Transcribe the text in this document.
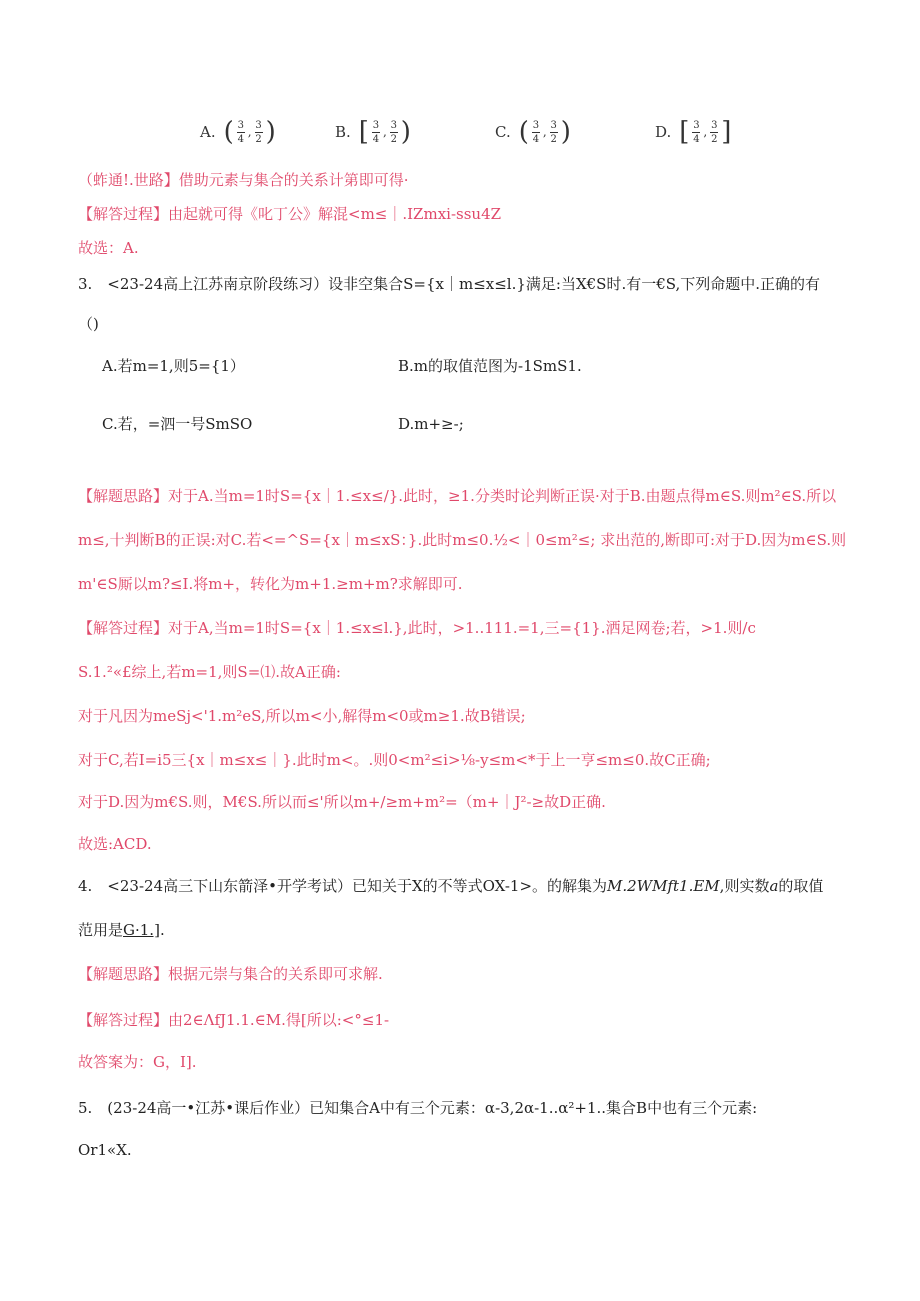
A. ( $\frac{3}{4}$ , $\frac{3}{2}$ )	B. [ $\frac{3}{4}$ , $\frac{3}{2}$ )	C. ( $\frac{3}{4}$ , $\frac{3}{2}$ )	D. [ $\frac{3}{4}$ , $\frac{3}{2}$ ]
（蚱通!.世路】借助元素与集合的关系计第即可得·
【解答过程】由起就可得《叱丁公》解混<m≤｜.IZmxi-ssu4Z
故选：A.
3.　<23-24高上江苏南京阶段练习）设非空集合S={x｜m≤x≤l.}满足:当X€S时.有一€S,下列命题中.正确的有
（)
A.若m=1,则5={1）	B.m的取值范图为-1SmS1.
C.若，=泗一号SmSO	D.m+≥-;
【解题思路】对于A.当m=1时S={x｜1.≤x≤/}.此时，≥1.分类时论判断正误·对于B.由题点得m∈S.则m²∈S.所以
m≤,十判断B的正误:对C.若<=^S={x｜m≤xS：}.此时m≤0.½<｜0≤m²≤; 求出范的,断即可:对于D.因为m∈S.则
m'∈S厮以m?≤I.将m+，转化为m+1.≥m+m?求解即可.
【解答过程】对于A,当m=1时S={x｜1.≤x≤l.},此时，>1..111.=1,三={1}.洒足网卷;若，>1.则/c
S.1.²«£综上,若m=1,则S=⑴.故A正确:
对于凡因为meSj<'1.m²eS,所以m<小,解得m<0或m≥1.故B错误;
对于C,若I=i5三{x｜m≤x≤｜}.此时m<。.则0<m²≤i>⅛-y≤m<*于上一亨≤m≤0.故C正确;
对于D.因为m€S.则，M€S.所以而≤'所以m+/≥m+m²=（m+｜J²-≥故D正确.
故选:ACD.
4.　<23-24高三下山东箭泽•开学考试）已知关于X的不等式OX-1>。的解集为M.2WMft1.EM,则实数a的取值
范用是G·1.].
【解题思路】根据元崇与集合的关系即可求解.
【解答过程】由2∈ΛfJ1.1.∈M.得[所以:<°≤1-
故答案为：G，I].
5.　(23-24高一•江苏•课后作业）已知集合A中有三个元素：α-3,2α-1..α²+1..集合B中也有三个元素:
Or1«X.
